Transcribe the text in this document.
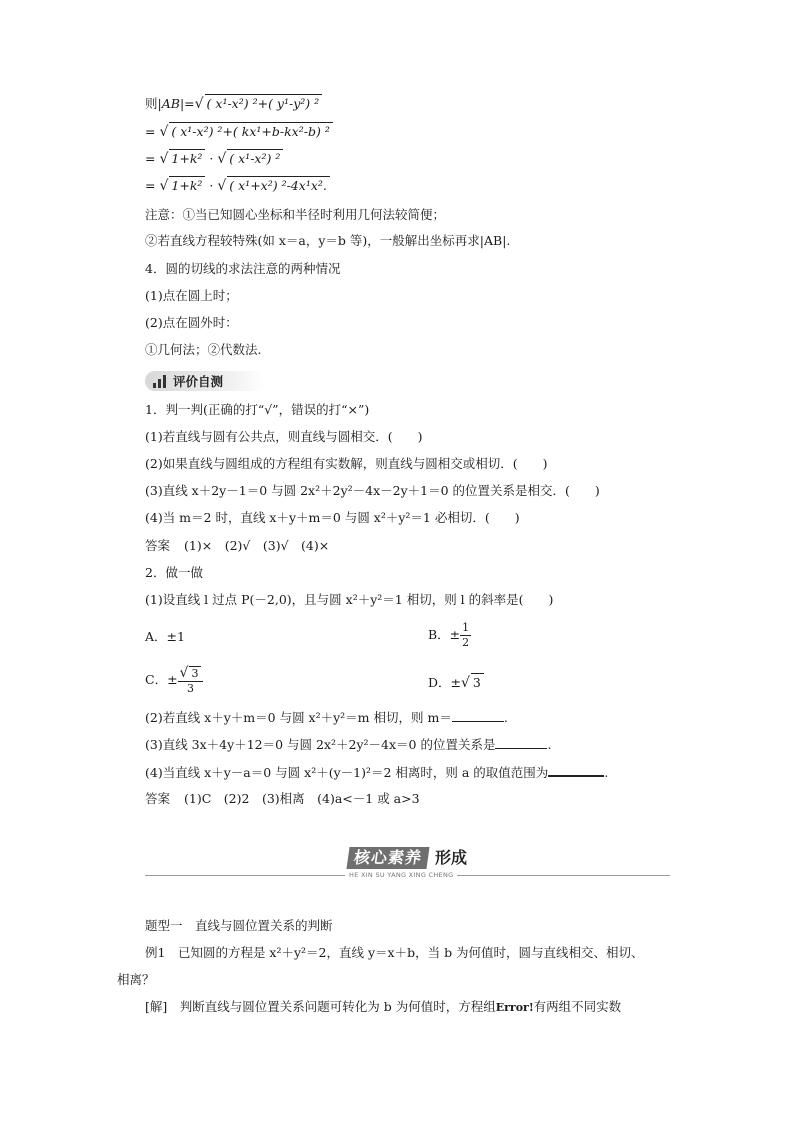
则|AB|= √ ( x¹-x²) ²+( y¹-y²) ²
= √ ( x¹-x²) ²+( kx¹+b-kx²-b) ²
= √ 1+k² · √ ( x¹-x²) ²
= √ 1+k² · √ ( x¹+x²) ²-4x¹x².
注意：①当已知圆心坐标和半径时利用几何法较简便；
②若直线方程较特殊(如 x＝a，y＝b 等)，一般解出坐标再求|AB|.
4．圆的切线的求法注意的两种情况
(1)点在圆上时；
(2)点在圆外时：
①几何法；②代数法.
评价自测
1．判一判(正确的打“√”，错误的打“×”)
(1)若直线与圆有公共点，则直线与圆相交．(　　)
(2)如果直线与圆组成的方程组有实数解，则直线与圆相交或相切．(　　)
(3)直线 x＋2y－1＝0 与圆 2x²＋2y²－4x－2y＋1＝0 的位置关系是相交．(　　)
(4)当 m＝2 时，直线 x＋y＋m＝0 与圆 x²＋y²＝1 必相切．(　　)
答案 (1)×　(2)√　(3)√　(4)×
2．做一做
(1)设直线 l 过点 P(－2,0)，且与圆 x²＋y²＝1 相切，则 l 的斜率是(　　)
A．±1	B．± $\frac{1}{2}$
C．± √ $\frac{3}{3}$	D．± √ 3
(2)若直线 x＋y＋m＝0 与圆 x²＋y²＝m 相切，则 m＝	.
(3)直线 3x＋4y＋12＝0 与圆 2x²＋2y²－4x＝0 的位置关系是	.
(4)当直线 x＋y－a＝0 与圆 x²＋(y－1)²＝2 相离时，则 a 的取值范围为	.
答案 (1)C　(2)2　(3)相离　(4)a<－1 或 a>3
核心素养 形成
HE XIN SU YANG XING CHENG
题型一　直线与圆位置关系的判断
例1　已知圆的方程是 x²＋y²＝2，直线 y＝x＋b，当 b 为何值时，圆与直线相交、相切、
相离？
[解]　 判断直线与圆位置关系问题可转化为 b 为何值时，方程组Error!有两组不同实数
